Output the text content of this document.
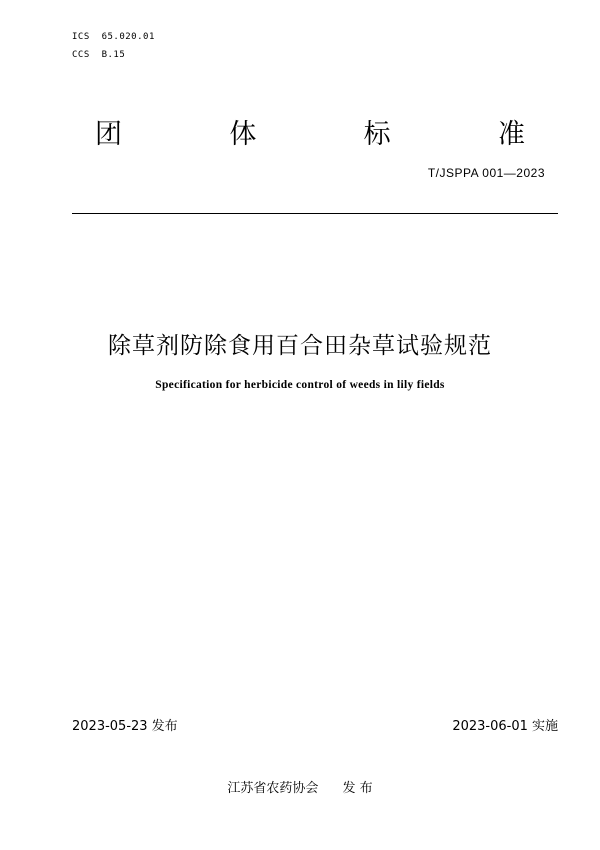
ICS  65.020.01
CCS  B.15
团	体	标	准
T/JSPPA 001—2023
除草剂防除食用百合田杂草试验规范
Specification for herbicide control of weeds in lily fields
2023-05-23 发布	2023-06-01 实施
江苏省农药协会 发 布
